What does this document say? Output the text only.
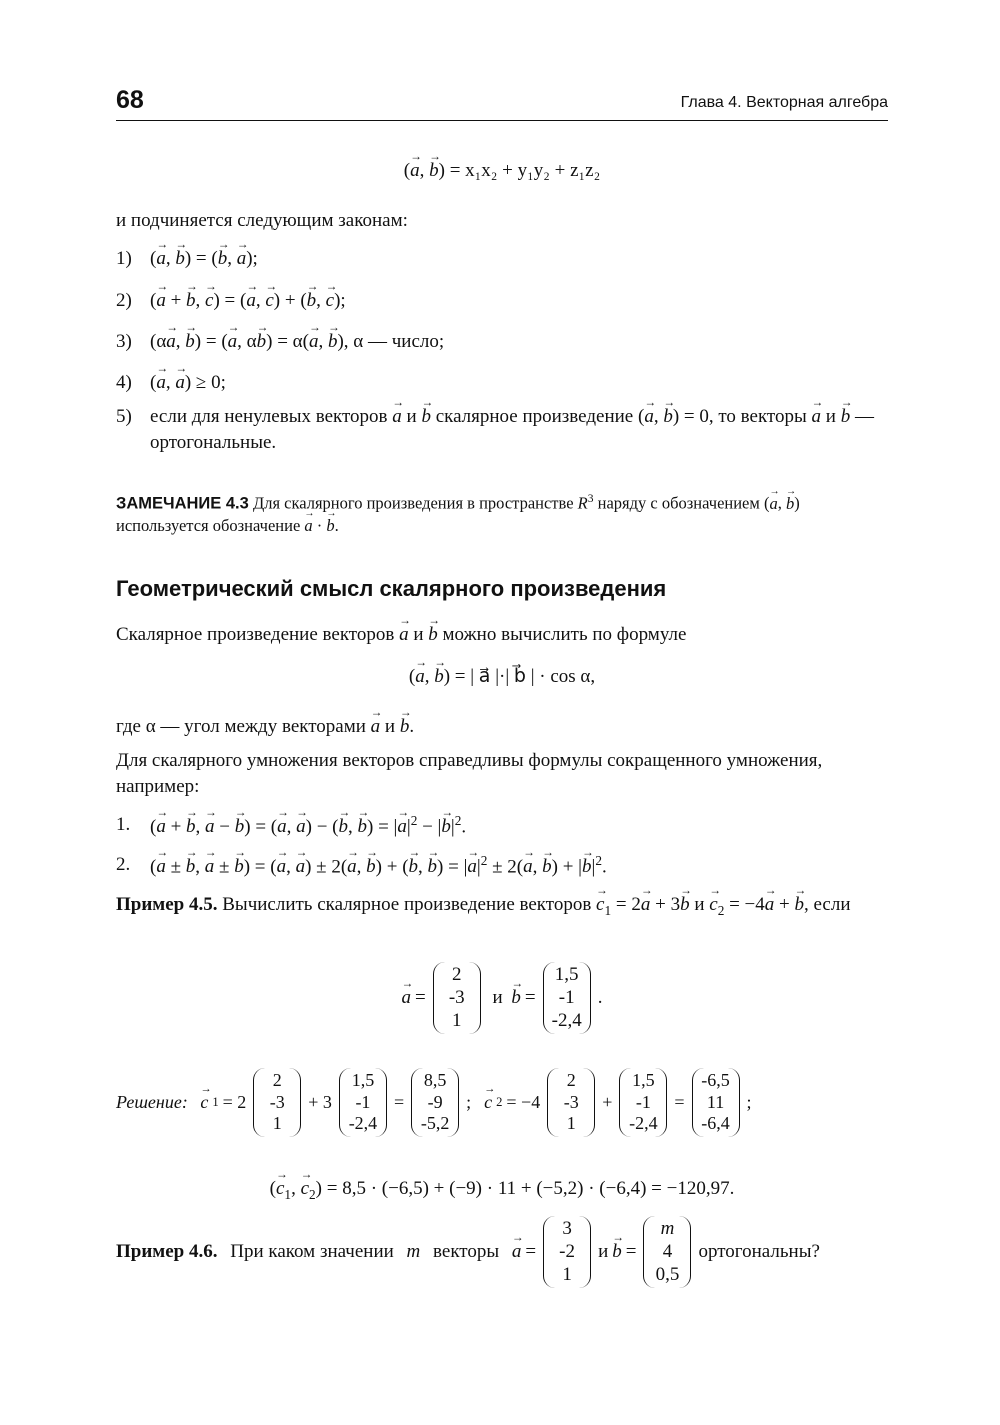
68	Глава 4. Векторная алгебра
(→ a, → b) = x₁x₂ + y₁y₂ + z₁z₂
и подчиняется следующим законам:
1) (→ a, → b) = (→ b, → a);
2) (→ a + → b, → c) = (→ a, → c) + (→ b, → c);
3) (α→ a, → b) = (→ a, α→ b) = α(→ a, → b), α — число;
4) (→ a, → a) ≥ 0;
5) если для ненулевых векторов → a и → b скалярное произведение (→ a, → b) = 0, то векторы → a и → b — ортогональные.
ЗАМЕЧАНИЕ 4.3 Для скалярного произведения в пространстве $R^3$ наряду с обозначением (→ a, → b) используется обозначение → a · → b.
Геометрический смысл скалярного произведения
Скалярное произведение векторов → a и → b можно вычислить по формуле
(→ a, → b) = | a⃗ |·| b⃗ | · cos α,
где α — угол между векторами → a и → b.
Для скалярного умножения векторов справедливы формулы сокращенного умножения, например:
1.	(→ a + → b, → a − → b) = (→ a, → a) − (→ b, → b) = |→ $a|^2$ − |→ $b|^2$.
2.	(→ a ± → b, → a ± → b) = (→ a, → a) ± 2(→ a, → b) + (→ b, → b) = |→ $a|^2 \pm 2(\to a$, → b) + |→ $b|^2$.
Пример 4.5. Вычислить скалярное произведение векторов → $c_1 = 2\to a + 3\to b$ $и \to c_2 = -4\to a$ + → b, если
→ a =
2
-3
1
и → b =
1,5
-1
-2,4
.
Решение:
→ c 1 = 2
2
-3
1
+ 3
1,5
-1
-2,4
=
8,5
-9
-5,2
; → c 2 = −4
2
-3
1
+
1,5
-1
-2,4
=
-6,5
11
-6,4
;
(→ $c_1$, → $c_2) = 8,5 \cdot (-6,5) + (-9) \cdot 11 + (-5,2) \cdot (-6,4) = -120,97$.
Пример 4.6.
При каком значении
m
векторы
→ a =
3
-2
1
и → b =
m
4
0,5
ортогональны?
